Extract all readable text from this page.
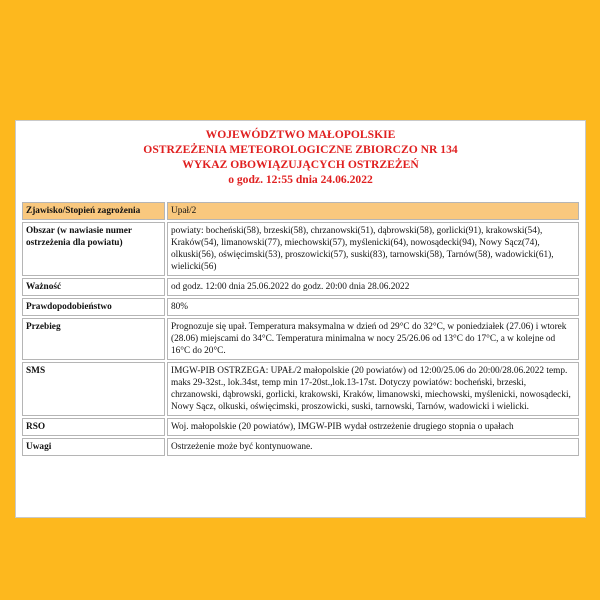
WOJEWÓDZTWO MAŁOPOLSKIE
OSTRZEŻENIA METEOROLOGICZNE ZBIORCZO NR 134
WYKAZ OBOWIĄZUJĄCYCH OSTRZEŻEŃ
o godz. 12:55 dnia 24.06.2022
Zjawisko/Stopień zagrożenia	Upał/2
Obszar (w nawiasie numer ostrzeżenia dla powiatu)	powiaty: bocheński(58), brzeski(58), chrzanowski(51), dąbrowski(58), gorlicki(91), krakowski(54), Kraków(54), limanowski(77), miechowski(57), myślenicki(64), nowosądecki(94), Nowy Sącz(74), olkuski(56), oświęcimski(53), proszowicki(57), suski(83), tarnowski(58), Tarnów(58), wadowicki(61), wielicki(56)
Ważność	od godz. 12:00 dnia 25.06.2022 do godz. 20:00 dnia 28.06.2022
Prawdopodobieństwo	80%
Przebieg	Prognozuje się upał. Temperatura maksymalna w dzień od 29°C do 32°C, w poniedziałek (27.06) i wtorek (28.06) miejscami do 34°C. Temperatura minimalna w nocy 25/26.06 od 13°C do 17°C, a w kolejne od 16°C do 20°C.
SMS	IMGW-PIB OSTRZEGA: UPAŁ/2 małopolskie (20 powiatów) od 12:00/25.06 do 20:00/28.06.2022 temp. maks 29-32st., lok.34st, temp min 17-20st.,lok.13-17st. Dotyczy powiatów: bocheński, brzeski, chrzanowski, dąbrowski, gorlicki, krakowski, Kraków, limanowski, miechowski, myślenicki, nowosądecki, Nowy Sącz, olkuski, oświęcimski, proszowicki, suski, tarnowski, Tarnów, wadowicki i wielicki.
RSO	Woj. małopolskie (20 powiatów), IMGW-PIB wydał ostrzeżenie drugiego stopnia o upałach
Uwagi	Ostrzeżenie może być kontynuowane.
